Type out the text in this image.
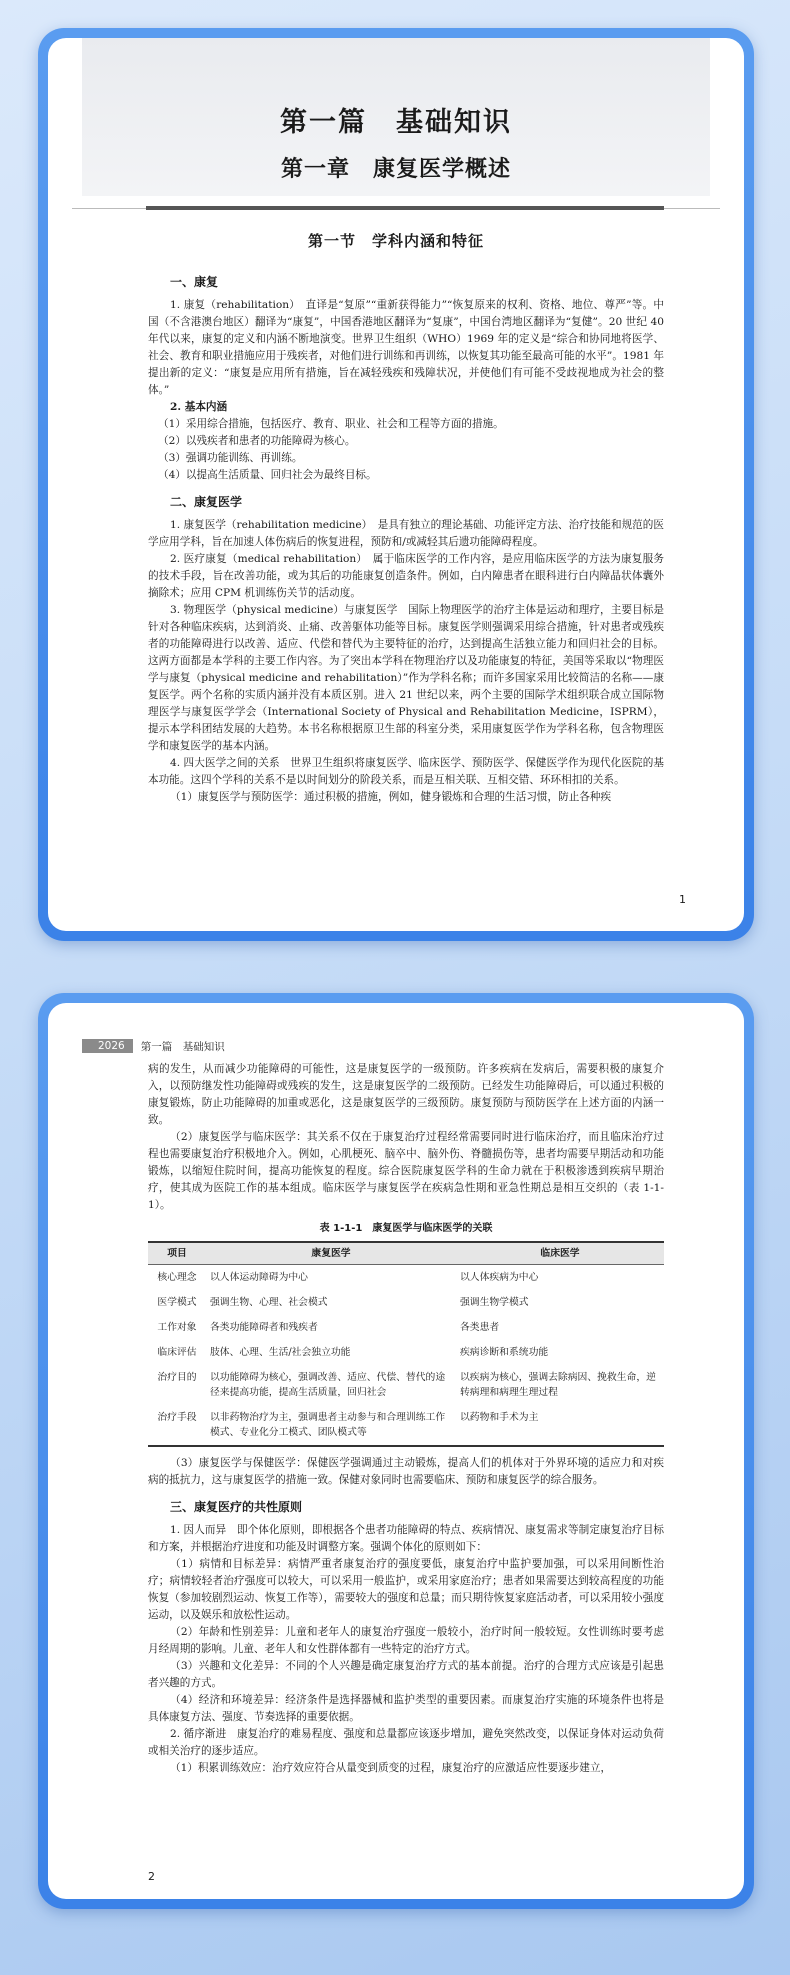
第一篇　基础知识
第一章　康复医学概述
第一节　学科内涵和特征
一、康复

1. 康复（rehabilitation）　直译是“复原”“重新获得能力”“恢复原来的权利、资格、地位、尊严”等。中国（不含港澳台地区）翻译为“康复”，中国香港地区翻译为“复康”，中国台湾地区翻译为“复健”。20 世纪 40 年代以来，康复的定义和内涵不断地演变。世界卫生组织（WHO）1969 年的定义是“综合和协同地将医学、社会、教育和职业措施应用于残疾者，对他们进行训练和再训练，以恢复其功能至最高可能的水平”。1981 年提出新的定义：“康复是应用所有措施，旨在减轻残疾和残障状况，并使他们有可能不受歧视地成为社会的整体。”

2. 基本内涵
（1）采用综合措施，包括医疗、教育、职业、社会和工程等方面的措施。
（2）以残疾者和患者的功能障碍为核心。
（3）强调功能训练、再训练。
（4）以提高生活质量、回归社会为最终目标。
二、康复医学

1. 康复医学（rehabilitation medicine）　是具有独立的理论基础、功能评定方法、治疗技能和规范的医学应用学科，旨在加速人体伤病后的恢复进程，预防和/或减轻其后遗功能障碍程度。

2. 医疗康复（medical rehabilitation）　属于临床医学的工作内容，是应用临床医学的方法为康复服务的技术手段，旨在改善功能，或为其后的功能康复创造条件。例如，白内障患者在眼科进行白内障晶状体囊外摘除术；应用 CPM 机训练伤关节的活动度。

3. 物理医学（physical medicine）与康复医学　国际上物理医学的治疗主体是运动和理疗，主要目标是针对各种临床疾病，达到消炎、止痛、改善躯体功能等目标。康复医学则强调采用综合措施，针对患者或残疾者的功能障碍进行以改善、适应、代偿和替代为主要特征的治疗，达到提高生活独立能力和回归社会的目标。这两方面都是本学科的主要工作内容。为了突出本学科在物理治疗以及功能康复的特征，美国等采取以“物理医学与康复（physical medicine and rehabilitation）”作为学科名称；而许多国家采用比较简洁的名称——康复医学。两个名称的实质内涵并没有本质区别。进入 21 世纪以来，两个主要的国际学术组织联合成立国际物理医学与康复医学学会（International Society of Physical and Rehabilitation Medicine，ISPRM），提示本学科团结发展的大趋势。本书名称根据原卫生部的科室分类，采用康复医学作为学科名称，包含物理医学和康复医学的基本内涵。

4. 四大医学之间的关系　世界卫生组织将康复医学、临床医学、预防医学、保健医学作为现代化医院的基本功能。这四个学科的关系不是以时间划分的阶段关系，而是互相关联、互相交错、环环相扣的关系。

（1）康复医学与预防医学：通过积极的措施，例如，健身锻炼和合理的生活习惯，防止各种疾

1
2026	第一篇　基础知识

病的发生，从而减少功能障碍的可能性，这是康复医学的一级预防。许多疾病在发病后，需要积极的康复介入，以预防继发性功能障碍或残疾的发生，这是康复医学的二级预防。已经发生功能障碍后，可以通过积极的康复锻炼，防止功能障碍的加重或恶化，这是康复医学的三级预防。康复预防与预防医学在上述方面的内涵一致。

（2）康复医学与临床医学：其关系不仅在于康复治疗过程经常需要同时进行临床治疗，而且临床治疗过程也需要康复治疗积极地介入。例如，心肌梗死、脑卒中、脑外伤、脊髓损伤等，患者均需要早期活动和功能锻炼，以缩短住院时间，提高功能恢复的程度。综合医院康复医学科的生命力就在于积极渗透到疾病早期治疗，使其成为医院工作的基本组成。临床医学与康复医学在疾病急性期和亚急性期总是相互交织的（表 1-1-1）。

表 1-1-1　康复医学与临床医学的关联
项目	康复医学	临床医学
核心理念	以人体运动障碍为中心	以人体疾病为中心
医学模式	强调生物、心理、社会模式	强调生物学模式
工作对象	各类功能障碍者和残疾者	各类患者
临床评估	肢体、心理、生活/社会独立功能	疾病诊断和系统功能
治疗目的	以功能障碍为核心，强调改善、适应、代偿、替代的途径来提高功能，提高生活质量，回归社会	以疾病为核心，强调去除病因、挽救生命，逆转病理和病理生理过程
治疗手段	以非药物治疗为主，强调患者主动参与和合理训练工作模式、专业化分工模式、团队模式等	以药物和手术为主

（3）康复医学与保健医学：保健医学强调通过主动锻炼，提高人们的机体对于外界环境的适应力和对疾病的抵抗力，这与康复医学的措施一致。保健对象同时也需要临床、预防和康复医学的综合服务。

三、康复医疗的共性原则

1. 因人而异　即个体化原则，即根据各个患者功能障碍的特点、疾病情况、康复需求等制定康复治疗目标和方案，并根据治疗进度和功能及时调整方案。强调个体化的原则如下：

（1）病情和目标差异：病情严重者康复治疗的强度要低，康复治疗中监护要加强，可以采用间断性治疗；病情较轻者治疗强度可以较大，可以采用一般监护，或采用家庭治疗；患者如果需要达到较高程度的功能恢复（参加较剧烈运动、恢复工作等），需要较大的强度和总量；而只期待恢复家庭活动者，可以采用较小强度运动，以及娱乐和放松性运动。

（2）年龄和性别差异：儿童和老年人的康复治疗强度一般较小，治疗时间一般较短。女性训练时要考虑月经周期的影响。儿童、老年人和女性群体都有一些特定的治疗方式。

（3）兴趣和文化差异：不同的个人兴趣是确定康复治疗方式的基本前提。治疗的合理方式应该是引起患者兴趣的方式。

（4）经济和环境差异：经济条件是选择器械和监护类型的重要因素。而康复治疗实施的环境条件也将是具体康复方法、强度、节奏选择的重要依据。

2. 循序渐进　康复治疗的难易程度、强度和总量都应该逐步增加，避免突然改变，以保证身体对运动负荷或相关治疗的逐步适应。

（1）积累训练效应：治疗效应符合从量变到质变的过程，康复治疗的应激适应性要逐步建立，

2
